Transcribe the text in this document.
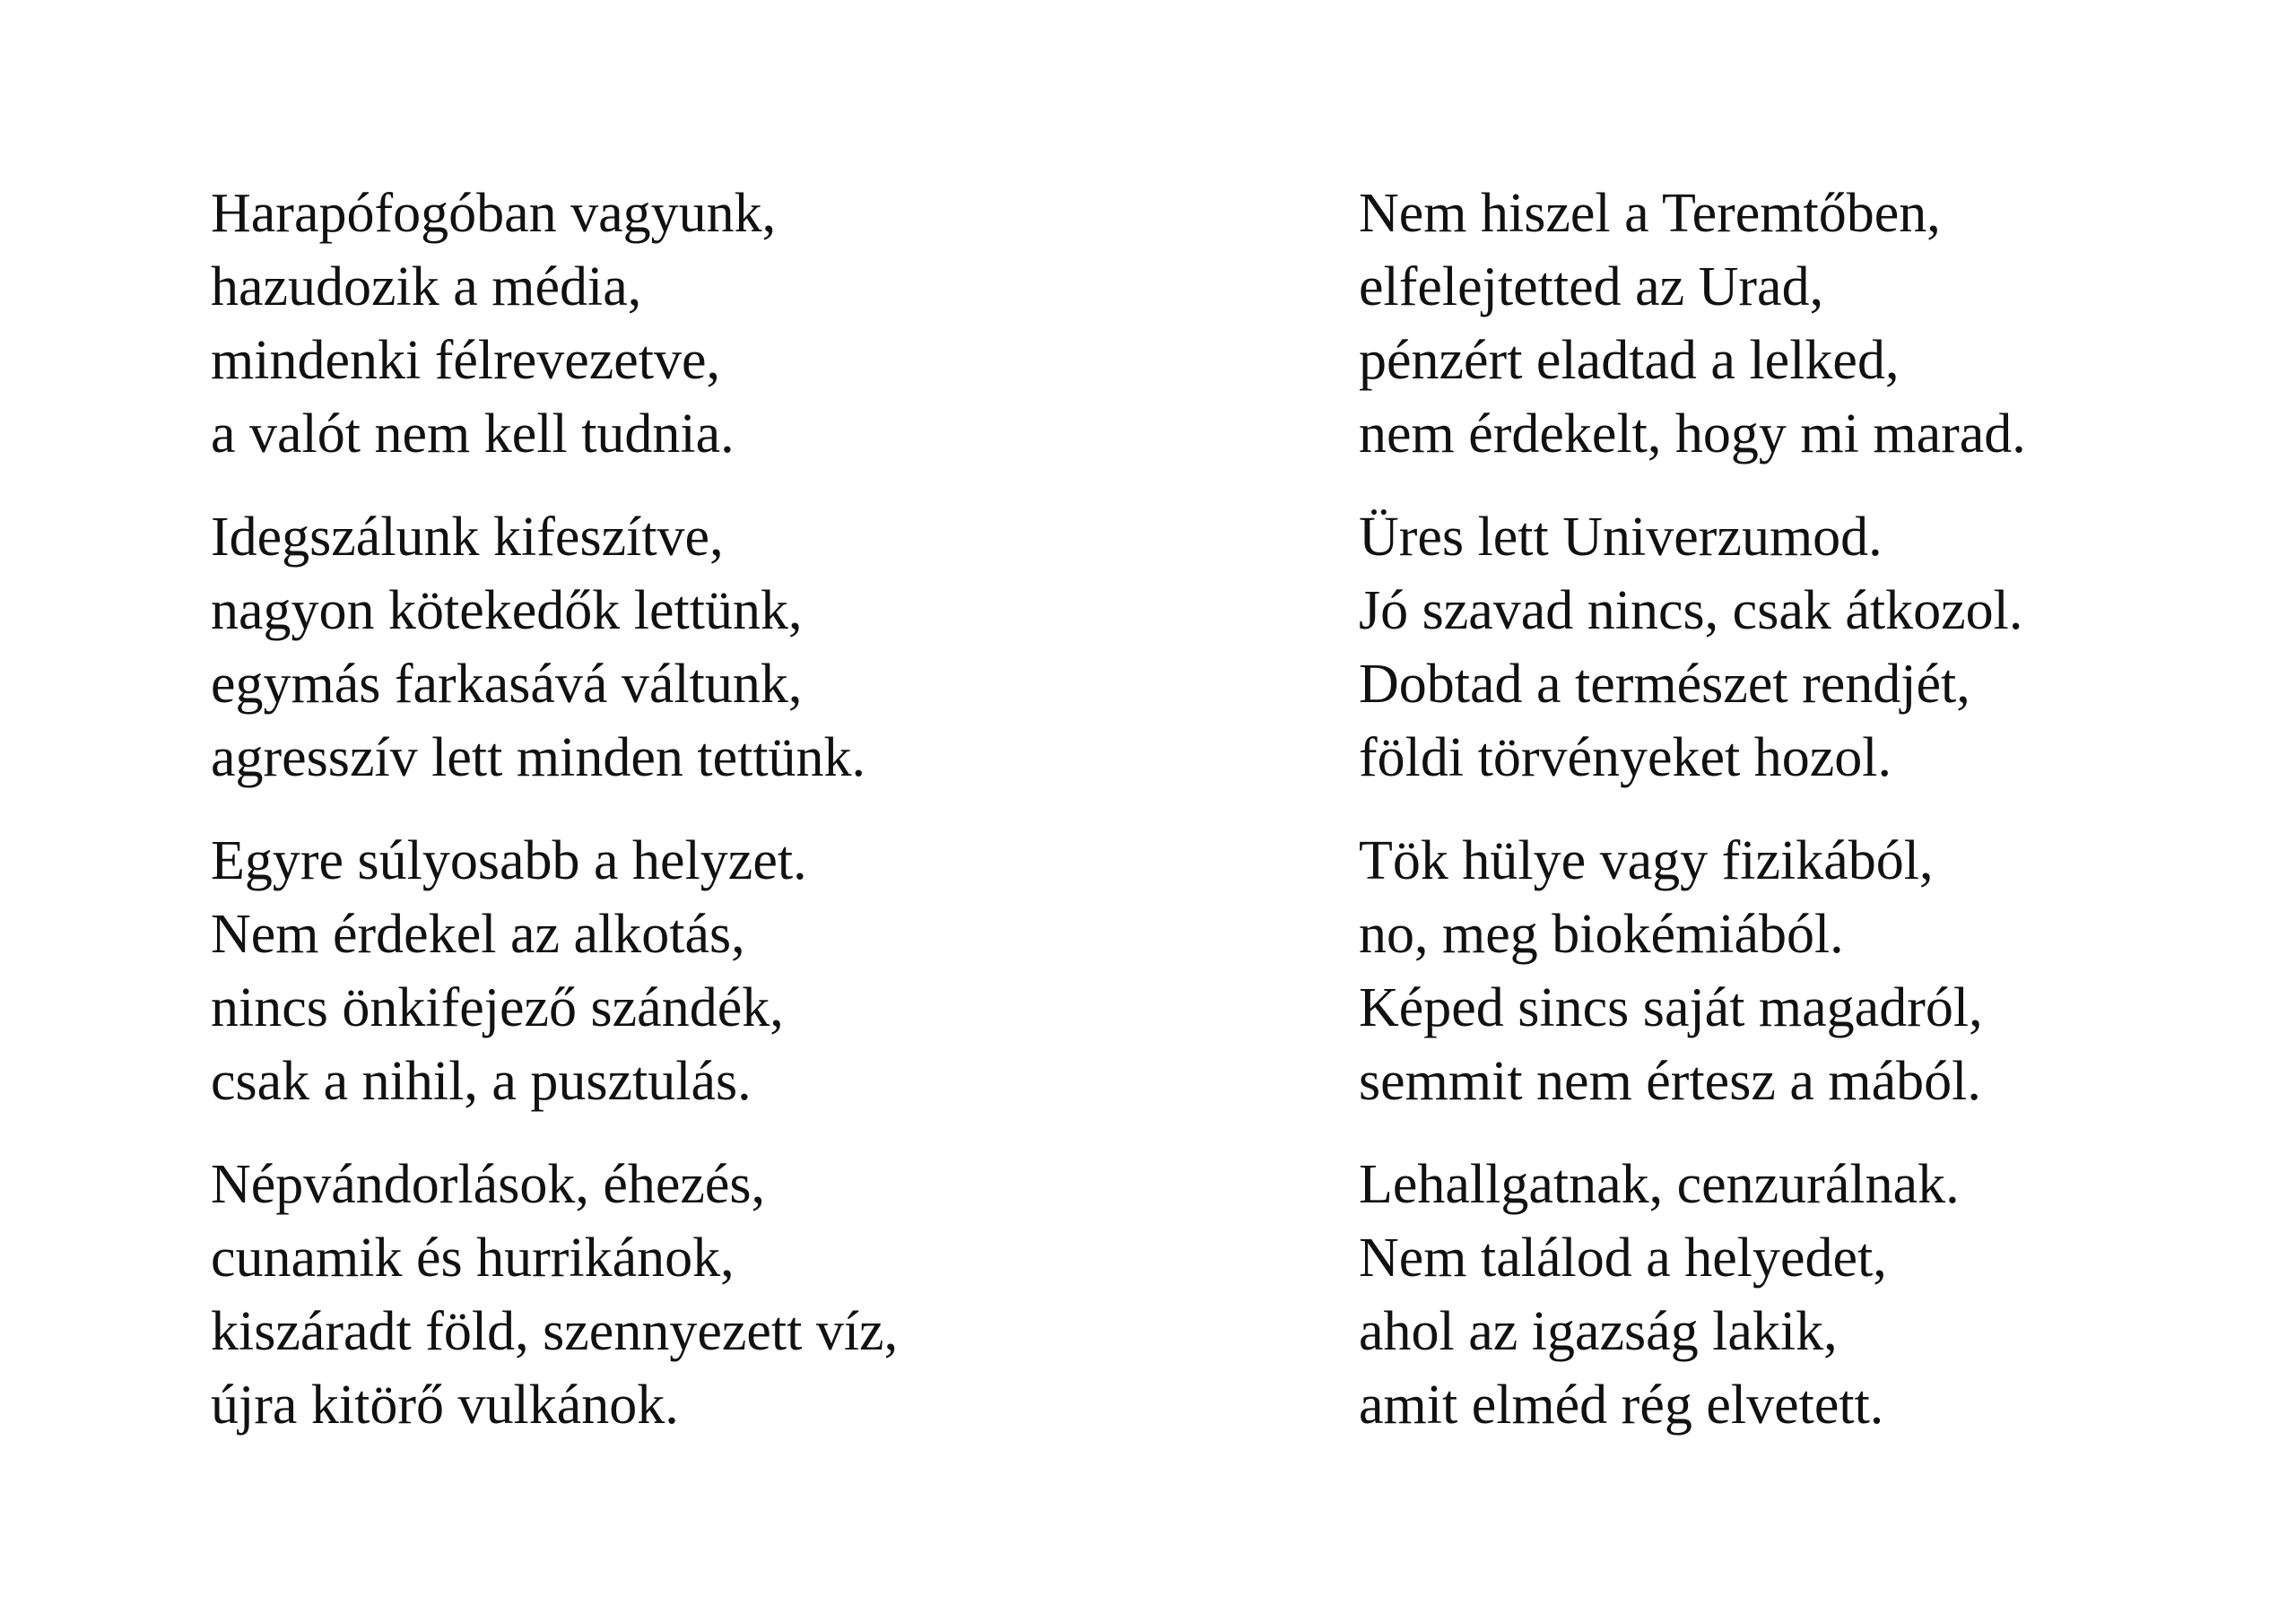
Harapófogóban vagyunk,
hazudozik a média,
mindenki félrevezetve,
a valót nem kell tudnia.
Idegszálunk kifeszítve,
nagyon kötekedők lettünk,
egymás farkasává váltunk,
agresszív lett minden tettünk.
Egyre súlyosabb a helyzet.
Nem érdekel az alkotás,
nincs önkifejező szándék,
csak a nihil, a pusztulás.
Népvándorlások, éhezés,
cunamik és hurrikánok,
kiszáradt föld, szennyezett víz,
újra kitörő vulkánok.
Nem hiszel a Teremtőben,
elfelejtetted az Urad,
pénzért eladtad a lelked,
nem érdekelt, hogy mi marad.
Üres lett Univerzumod.
Jó szavad nincs, csak átkozol.
Dobtad a természet rendjét,
földi törvényeket hozol.
Tök hülye vagy fizikából,
no, meg biokémiából.
Képed sincs saját magadról,
semmit nem értesz a mából.
Lehallgatnak, cenzurálnak.
Nem találod a helyedet,
ahol az igazság lakik,
amit elméd rég elvetett.
